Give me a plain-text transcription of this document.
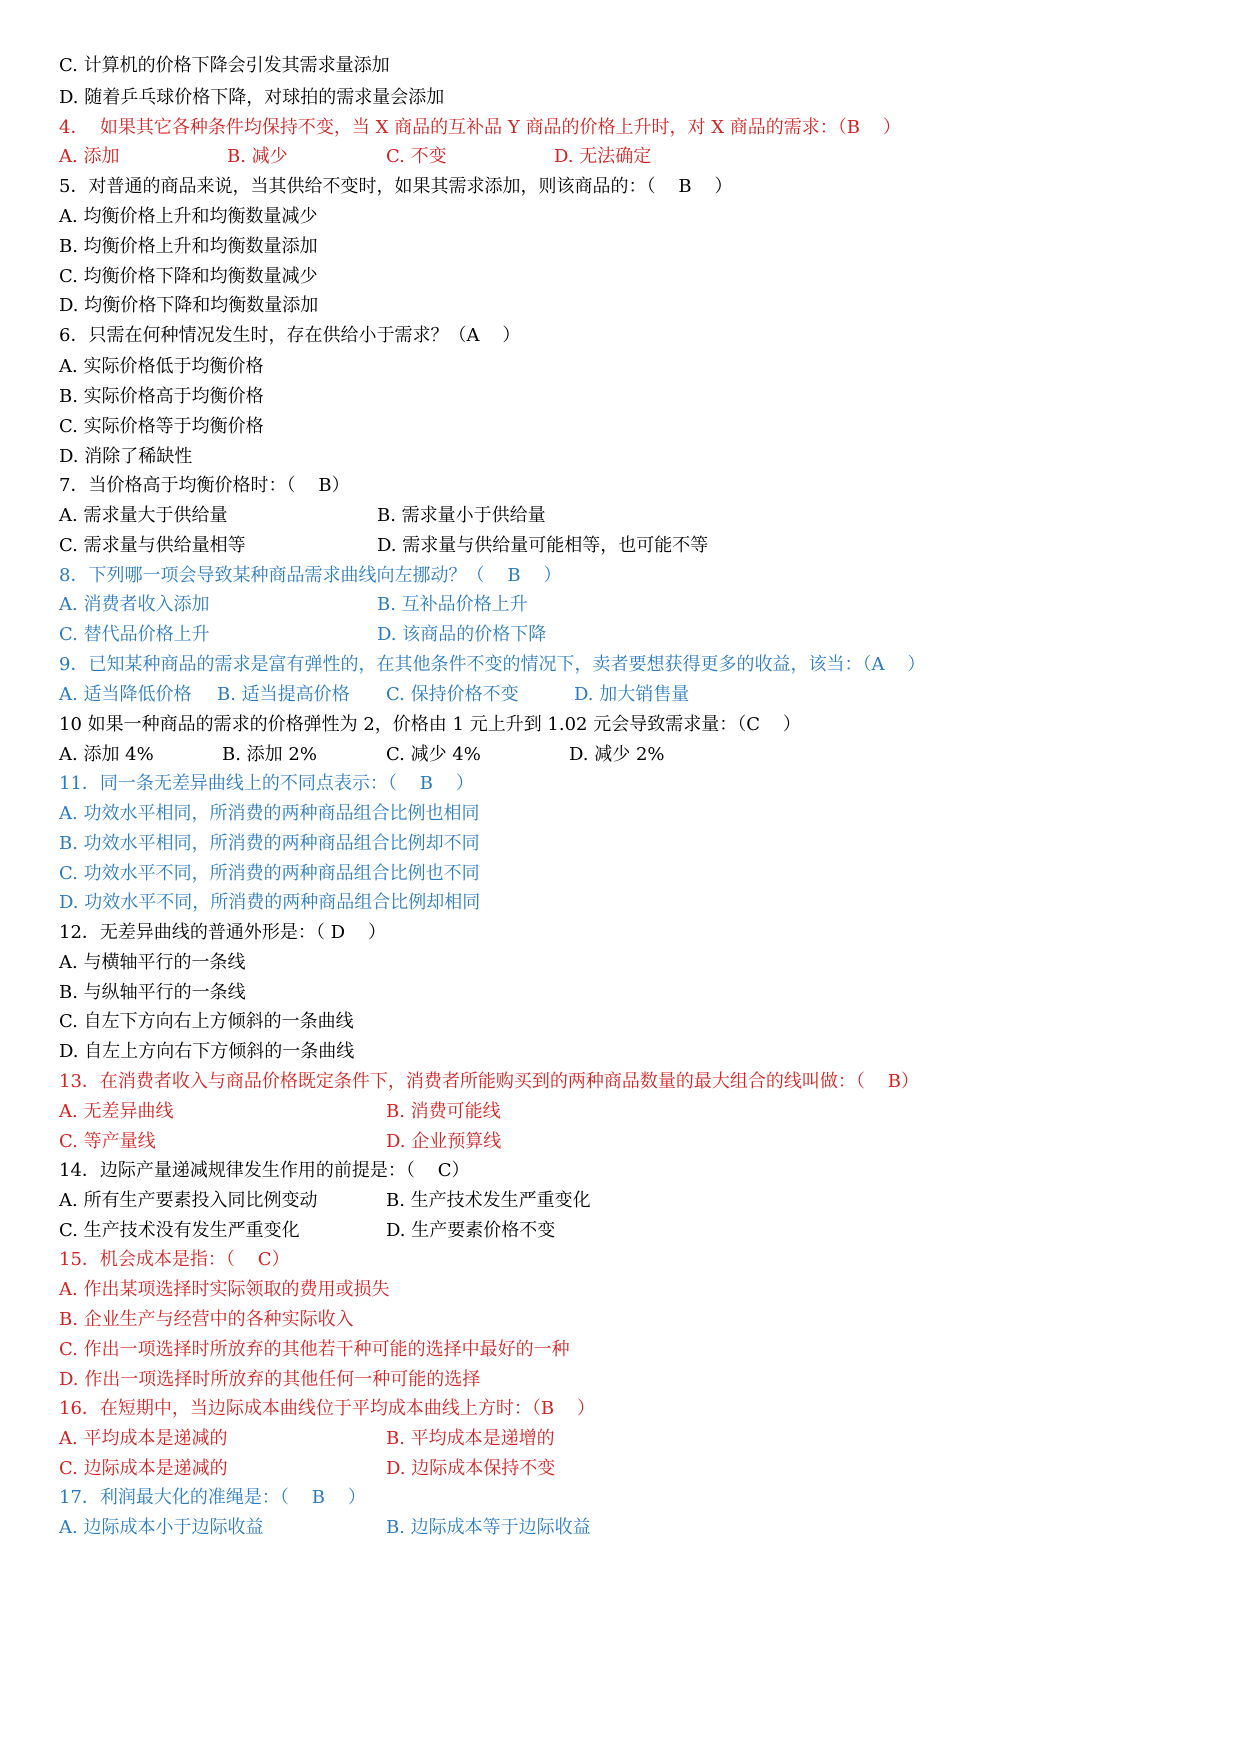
C. 计算机的价格下降会引发其需求量添加
D. 随着乒乓球价格下降，对球拍的需求量会添加
4．  如果其它各种条件均保持不变，当 X 商品的互补品 Y 商品的价格上升时，对 X 商品的需求：（B    ）
A. 添加	B. 减少	C. 不变	D. 无法确定
5．对普通的商品来说，当其供给不变时，如果其需求添加，则该商品的：（    B    ）
A. 均衡价格上升和均衡数量减少
B. 均衡价格上升和均衡数量添加
C. 均衡价格下降和均衡数量减少
D. 均衡价格下降和均衡数量添加
6．只需在何种情况发生时，存在供给小于需求？（A    ）
A. 实际价格低于均衡价格
B. 实际价格高于均衡价格
C. 实际价格等于均衡价格
D. 消除了稀缺性
7．当价格高于均衡价格时：（    B）
A. 需求量大于供给量	B. 需求量小于供给量
C. 需求量与供给量相等	D. 需求量与供给量可能相等，也可能不等
8．下列哪一项会导致某种商品需求曲线向左挪动？（    B    ）
A. 消费者收入添加	B. 互补品价格上升
C. 替代品价格上升	D. 该商品的价格下降
9．已知某种商品的需求是富有弹性的，在其他条件不变的情况下，卖者要想获得更多的收益，该当：（A    ）
A. 适当降低价格 B. 适当提高价格 C. 保持价格不变	D. 加大销售量
10 如果一种商品的需求的价格弹性为 2，价格由 1 元上升到 1.02 元会导致需求量：（C    ）
A. 添加 4%	B. 添加 2%	C. 减少 4%	D. 减少 2%
11．同一条无差异曲线上的不同点表示：（    B    ）
A. 功效水平相同，所消费的两种商品组合比例也相同
B. 功效水平相同，所消费的两种商品组合比例却不同
C. 功效水平不同，所消费的两种商品组合比例也不同
D. 功效水平不同，所消费的两种商品组合比例却相同
12．无差异曲线的普通外形是：（ D    ）
A. 与横轴平行的一条线
B. 与纵轴平行的一条线
C. 自左下方向右上方倾斜的一条曲线
D. 自左上方向右下方倾斜的一条曲线
13．在消费者收入与商品价格既定条件下，消费者所能购买到的两种商品数量的最大组合的线叫做：（    B）
A. 无差异曲线	B. 消费可能线
C. 等产量线	D. 企业预算线
14．边际产量递减规律发生作用的前提是：（    C）
A. 所有生产要素投入同比例变动	B. 生产技术发生严重变化
C. 生产技术没有发生严重变化	D. 生产要素价格不变
15．机会成本是指：（    C）
A. 作出某项选择时实际领取的费用或损失
B. 企业生产与经营中的各种实际收入
C. 作出一项选择时所放弃的其他若干种可能的选择中最好的一种
D. 作出一项选择时所放弃的其他任何一种可能的选择
16．在短期中，当边际成本曲线位于平均成本曲线上方时：（B    ）
A. 平均成本是递减的	B. 平均成本是递增的
C. 边际成本是递减的	D. 边际成本保持不变
17．利润最大化的准绳是：（    B    ）
A. 边际成本小于边际收益	B. 边际成本等于边际收益
